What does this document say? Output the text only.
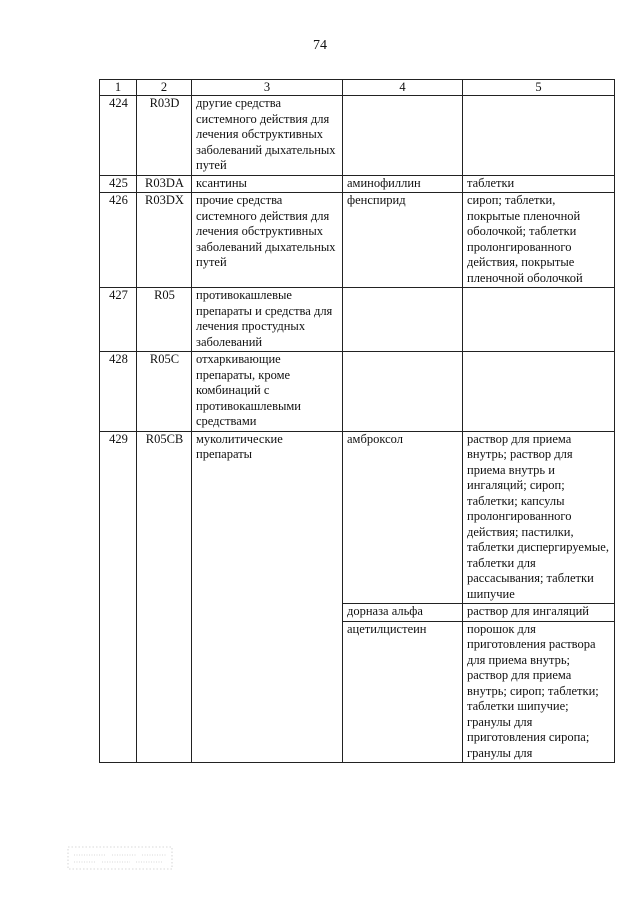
74
1	2	3	4	5
424	R03D	другие средства системного действия для лечения обструктивных заболеваний дыхательных путей		
425	R03DA	ксантины	аминофиллин	таблетки
426	R03DX	прочие средства системного действия для лечения обструктивных заболеваний дыхательных путей	фенспирид	сироп; таблетки, покрытые пленочной оболочкой; таблетки пролонгированного действия, покрытые пленочной оболочкой
427	R05	противокашлевые препараты и средства для лечения простудных заболеваний		
428	R05C	отхаркивающие препараты, кроме комбинаций с противокашлевыми средствами		
429	R05CB	муколитические препараты	амброксол	раствор для приема внутрь; раствор для приема внутрь и ингаляций; сироп; таблетки; капсулы пролонгированного действия; пастилки, таблетки диспергируемые, таблетки для рассасывания; таблетки шипучие
			дорназа альфа	раствор для ингаляций
			ацетилцистеин	порошок для приготовления раствора для приема внутрь; раствор для приема внутрь; сироп; таблетки; таблетки шипучие; гранулы для приготовления сиропа; гранулы для
